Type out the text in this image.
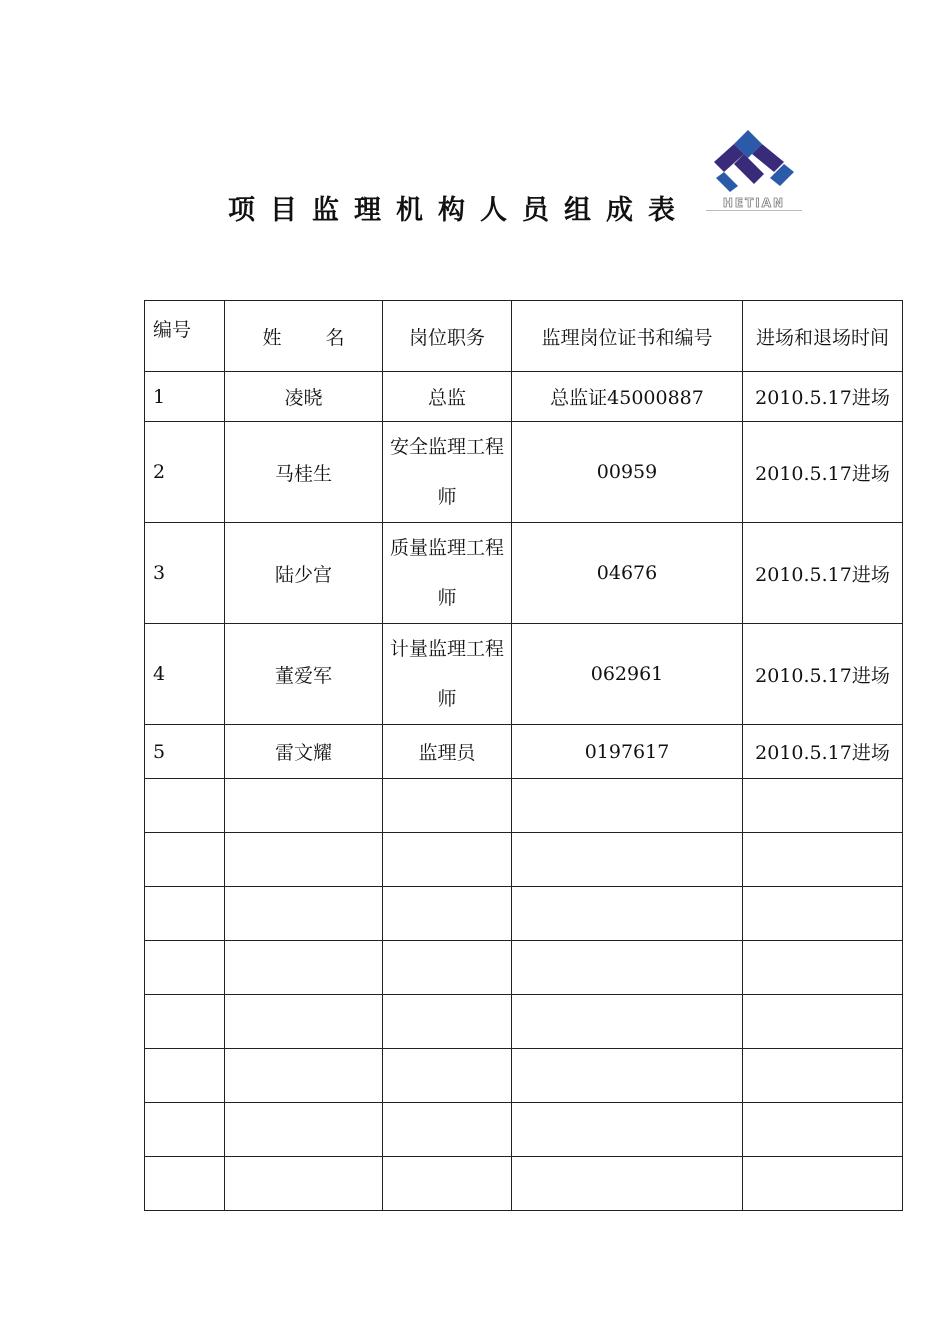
项目监理机构人员组成表	HETIAN
编号	姓 名	岗位职务	监理岗位证书和编号	进场和退场时间
1	凌晓	总监	总监证45000887	2010.5.17进场
2	马桂生	安全监理工程师	00959	2010.5.17进场
3	陆少宫	质量监理工程师	04676	2010.5.17进场
4	董爱军	计量监理工程师	062961	2010.5.17进场
5	雷文耀	监理员	0197617	2010.5.17进场
